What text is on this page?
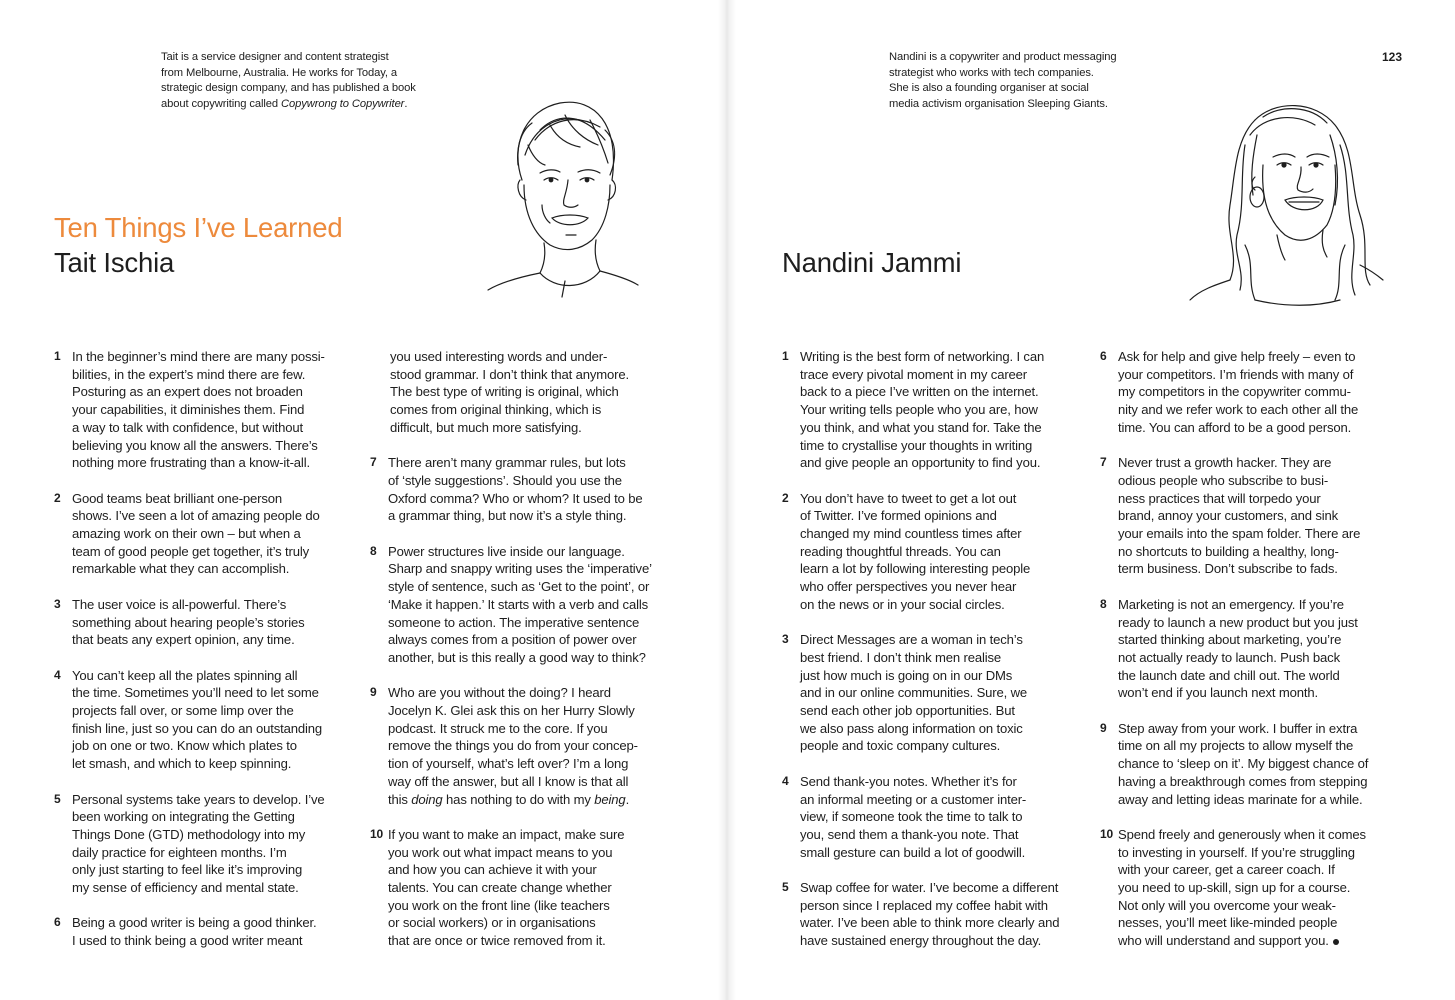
Tait is a service designer and content strategist

from Melbourne, Australia. He works for Today, a

strategic design company, and has published a book

about copywriting called Copywrong to Copywriter.

Ten Things I’ve Learned
Tait Ischia
1 In the beginner’s mind there are many possi-
bilities, in the expert’s mind there are few.
Posturing as an expert does not broaden
your capabilities, it diminishes them. Find
a way to talk with confidence, but without
believing you know all the answers. There’s
nothing more frustrating than a know-it-all.
2 Good teams beat brilliant one-person
shows. I’ve seen a lot of amazing people do
amazing work on their own – but when a
team of good people get together, it’s truly
remarkable what they can accomplish.
3 The user voice is all-powerful. There’s
something about hearing people’s stories
that beats any expert opinion, any time.
4 You can’t keep all the plates spinning all
the time. Sometimes you’ll need to let some
projects fall over, or some limp over the
finish line, just so you can do an outstanding
job on one or two. Know which plates to
let smash, and which to keep spinning.
5 Personal systems take years to develop. I’ve
been working on integrating the Getting
Things Done (GTD) methodology into my
daily practice for eighteen months. I’m
only just starting to feel like it’s improving
my sense of efficiency and mental state.
6 Being a good writer is being a good thinker.
I used to think being a good writer meant
you used interesting words and under-
stood grammar. I don’t think that anymore.
The best type of writing is original, which
comes from original thinking, which is
difficult, but much more satisfying.
7 There aren’t many grammar rules, but lots
of ‘style suggestions’. Should you use the
Oxford comma? Who or whom? It used to be
a grammar thing, but now it’s a style thing.
8 Power structures live inside our language.
Sharp and snappy writing uses the ‘imperative’
style of sentence, such as ‘Get to the point’, or
‘Make it happen.’ It starts with a verb and calls
someone to action. The imperative sentence
always comes from a position of power over
another, but is this really a good way to think?
9 Who are you without the doing? I heard
Jocelyn K. Glei ask this on her Hurry Slowly
podcast. It struck me to the core. If you
remove the things you do from your concep-
tion of yourself, what’s left over? I’m a long
way off the answer, but all I know is that all
this doing has nothing to do with my being.
10 If you want to make an impact, make sure
you work out what impact means to you
and how you can achieve it with your
talents. You can create change whether
you work on the front line (like teachers
or social workers) or in organisations
that are once or twice removed from it.

Nandini is a copywriter and product messaging

strategist who works with tech companies.

She is also a founding organiser at social

media activism organisation Sleeping Giants.

123
Nandini Jammi
1 Writing is the best form of networking. I can
trace every pivotal moment in my career
back to a piece I’ve written on the internet.
Your writing tells people who you are, how
you think, and what you stand for. Take the
time to crystallise your thoughts in writing
and give people an opportunity to find you.
2 You don’t have to tweet to get a lot out
of Twitter. I’ve formed opinions and
changed my mind countless times after
reading thoughtful threads. You can
learn a lot by following interesting people
who offer perspectives you never hear
on the news or in your social circles.
3 Direct Messages are a woman in tech’s
best friend. I don’t think men realise
just how much is going on in our DMs
and in our online communities. Sure, we
send each other job opportunities. But
we also pass along information on toxic
people and toxic company cultures.
4 Send thank-you notes. Whether it’s for
an informal meeting or a customer inter-
view, if someone took the time to talk to
you, send them a thank-you note. That
small gesture can build a lot of goodwill.
5 Swap coffee for water. I’ve become a different
person since I replaced my coffee habit with
water. I’ve been able to think more clearly and
have sustained energy throughout the day.
6 Ask for help and give help freely – even to
your competitors. I’m friends with many of
my competitors in the copywriter commu-
nity and we refer work to each other all the
time. You can afford to be a good person.
7 Never trust a growth hacker. They are
odious people who subscribe to busi-
ness practices that will torpedo your
brand, annoy your customers, and sink
your emails into the spam folder. There are
no shortcuts to building a healthy, long-
term business. Don’t subscribe to fads.
8 Marketing is not an emergency. If you’re
ready to launch a new product but you just
started thinking about marketing, you’re
not actually ready to launch. Push back
the launch date and chill out. The world
won’t end if you launch next month.
9 Step away from your work. I buffer in extra
time on all my projects to allow myself the
chance to ‘sleep on it’. My biggest chance of
having a breakthrough comes from stepping
away and letting ideas marinate for a while.
10 Spend freely and generously when it comes
to investing in yourself. If you’re struggling
with your career, get a career coach. If
you need to up-skill, sign up for a course.
Not only will you overcome your weak-
nesses, you’ll meet like-minded people
who will understand and support you.
